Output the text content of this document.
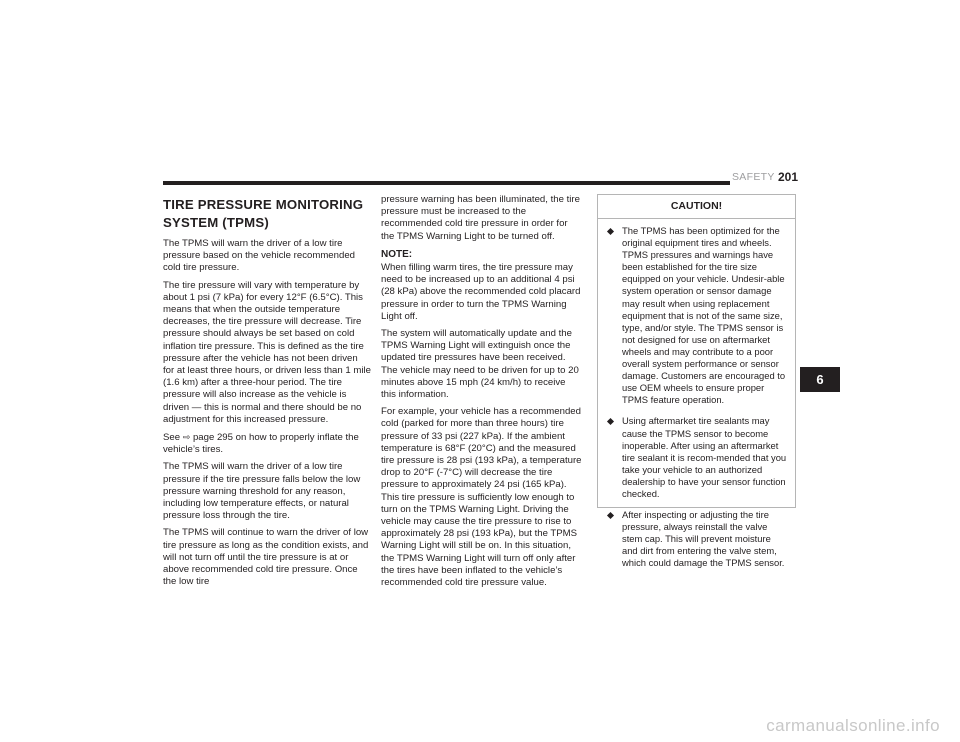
SAFETY 201
6
TIRE PRESSURE MONITORING SYSTEM (TPMS)

The TPMS will warn the driver of a low tire pressure based on the vehicle recommended cold tire pressure.

The tire pressure will vary with temperature by about 1 psi (7 kPa) for every 12°F (6.5°C). This means that when the outside temperature decreases, the tire pressure will decrease. Tire pressure should always be set based on cold inflation tire pressure. This is defined as the tire pressure after the vehicle has not been driven for at least three hours, or driven less than 1 mile (1.6 km) after a three-hour period. The tire pressure will also increase as the vehicle is driven — this is normal and there should be no adjustment for this increased pressure.

See ⇨ page 295 on how to properly inflate the vehicle’s tires.

The TPMS will warn the driver of a low tire pressure if the tire pressure falls below the low pressure warning threshold for any reason, including low temperature effects, or natural pressure loss through the tire.

The TPMS will continue to warn the driver of low tire pressure as long as the condition exists, and will not turn off until the tire pressure is at or above recommended cold tire pressure. Once the low tire

pressure warning has been illuminated, the tire pressure must be increased to the recommended cold tire pressure in order for the TPMS Warning Light to be turned off.

NOTE:

When filling warm tires, the tire pressure may need to be increased up to an additional 4 psi (28 kPa) above the recommended cold placard pressure in order to turn the TPMS Warning Light off.

The system will automatically update and the TPMS Warning Light will extinguish once the updated tire pressures have been received. The vehicle may need to be driven for up to 20 minutes above 15 mph (24 km/h) to receive this information.

For example, your vehicle has a recommended cold (parked for more than three hours) tire pressure of 33 psi (227 kPa). If the ambient temperature is 68°F (20°C) and the measured tire pressure is 28 psi (193 kPa), a temperature drop to 20°F (-7°C) will decrease the tire pressure to approximately 24 psi (165 kPa). This tire pressure is sufficiently low enough to turn on the TPMS Warning Light. Driving the vehicle may cause the tire pressure to rise to approximately 28 psi (193 kPa), but the TPMS Warning Light will still be on. In this situation, the TPMS Warning Light will turn off only after the tires have been inflated to the vehicle’s recommended cold tire pressure value.

CAUTION!
The TPMS has been optimized for the original equipment tires and wheels. TPMS pressures and warnings have been established for the tire size equipped on your vehicle. Undesir-able system operation or sensor damage may result when using replacement equipment that is not of the same size, type, and/or style. The TPMS sensor is not designed for use on aftermarket wheels and may contribute to a poor overall system performance or sensor damage. Customers are encouraged to use OEM wheels to ensure proper TPMS feature operation.
Using aftermarket tire sealants may cause the TPMS sensor to become inoperable. After using an aftermarket tire sealant it is recom-mended that you take your vehicle to an authorized dealership to have your sensor function checked.
After inspecting or adjusting the tire pressure, always reinstall the valve stem cap. This will prevent moisture and dirt from entering the valve stem, which could damage the TPMS sensor.
carmanualsonline.info
